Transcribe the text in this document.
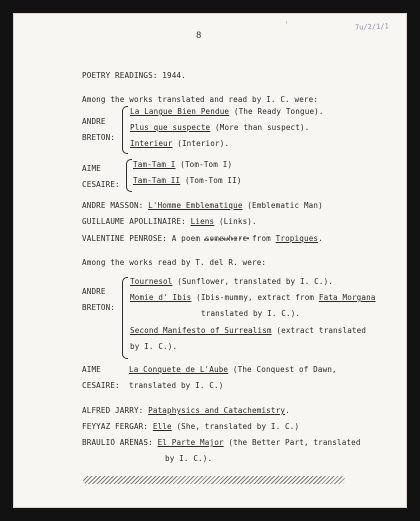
7u/2/1/1
ˈ
8
POETRY READINGS: 1944.
Among the works translated and read by I. C. were:
ANDRE
BRETON:
La Langue Bien Pendue (The Ready Tongue).
Plus que suspecte (More than suspect).
Interieur (Interior).
AIME
CESAIRE:
Tam-Tam I (Tom-Tom I)
Tam-Tam II (Tom-Tom II)
ANDRE MASSON: L'Homme Emblematique (Emblematic Man)
GUILLAUME APOLLINAIRE: Liens (Links).
VALENTINE PENROSE: A poem somewhere from Tropiques.
Among the works read by T. del R. were:
ANDRE
BRETON:
Tournesol (Sunflower, translated by I. C.).
Momie d' Ibis (Ibis-mummy, extract from Fata Morgana
translated by I. C.).
Second Manifesto of Surrealism (extract translated
by I. C.).
AIME	La Conquete de L'Aube (The Conquest of Dawn,
CESAIRE: translated by I. C.)
ALFRED JARRY: Pataphysics and Catachemistry.
FEYYAZ FERGAR: Elle (She, translated by I. C.)
BRAULIO ARENAS: El Parte Major (the Better Part, translated
by I. C.).
